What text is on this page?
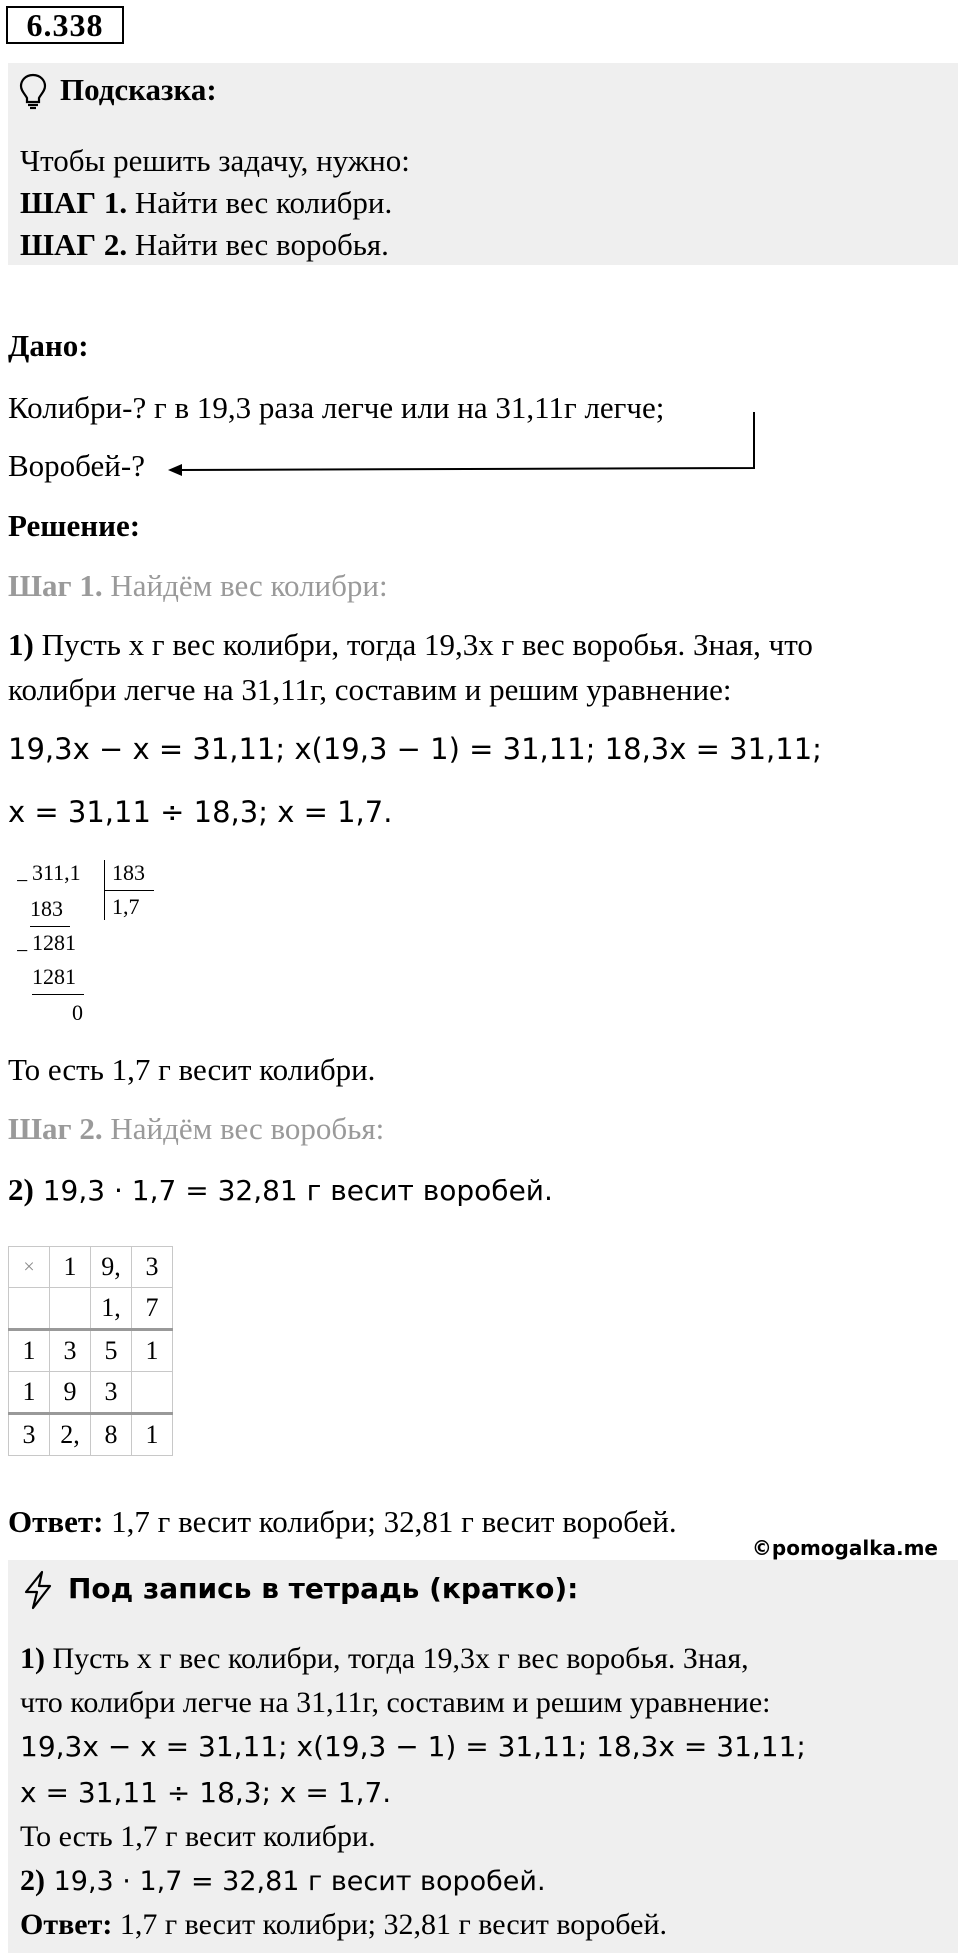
6.338
Подсказка:
Чтобы решить задачу, нужно:
ШАГ 1. Найти вес колибри.
ШАГ 2. Найти вес воробья.
Дано:
Колибри-? г в 19,3 раза легче или на 31,11г легче;
Воробей-?
Решение:
Шаг 1. Найдём вес колибри:
1) Пусть x г вес колибри, тогда 19,3x г вес воробья. Зная, что
колибри легче на 31,11г, составим и решим уравнение:
19,3x − x = 31,11; x(19,3 − 1) = 31,11; 18,3x = 31,11;
x = 31,11 ÷ 18,3; x = 1,7.
− 311,1
183
− 1281
1281
0
183
1,7
То есть 1,7 г весит колибри.
Шаг 2. Найдём вес воробья:
2) 19,3 · 1,7 = 32,81 г весит воробей.
×	1	9,	3
		1,	7
1	3	5	1
1	9	3	
3	2,	8	1
Ответ: 1,7 г весит колибри; 32,81 г весит воробей.
©pomogalka.me
Под запись в тетрадь (кратко):
1) Пусть x г вес колибри, тогда 19,3x г вес воробья. Зная,
что колибри легче на 31,11г, составим и решим уравнение:
19,3x − x = 31,11; x(19,3 − 1) = 31,11; 18,3x = 31,11;
x = 31,11 ÷ 18,3; x = 1,7.
То есть 1,7 г весит колибри.
2) 19,3 · 1,7 = 32,81 г весит воробей.
Ответ: 1,7 г весит колибри; 32,81 г весит воробей.
